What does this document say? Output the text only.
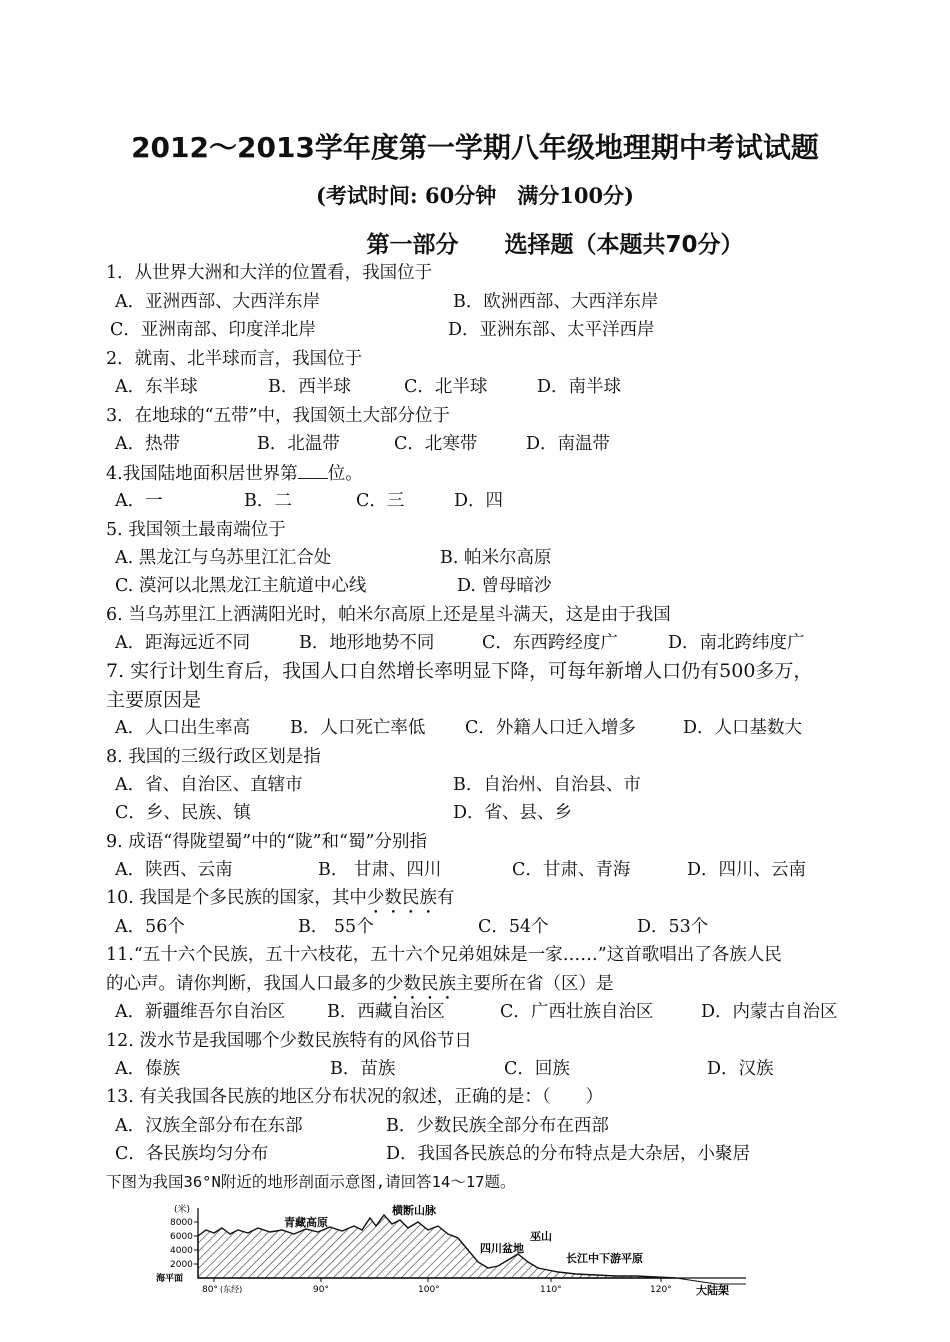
2012～2013学年度第一学期八年级地理期中考试试题
(考试时间: 60分钟　满分100分)
第一部分　　选择题（本题共70分）
1．从世界大洲和大洋的位置看，我国位于
A．亚洲西部、大西洋东岸	B．欧洲西部、大西洋东岸
C．亚洲南部、印度洋北岸	D．亚洲东部、太平洋西岸
2．就南、北半球而言，我国位于
A．东半球	B．西半球	C．北半球	D．南半球
3．在地球的“五带”中，我国领土大部分位于
A．热带	B．北温带	C．北寒带	D．南温带
4.我国陆地面积居世界第 位。
A．一	B．二	C．三	D．四
5. 我国领土最南端位于
A. 黑龙江与乌苏里江汇合处	B. 帕米尔高原
C. 漠河以北黑龙江主航道中心线	D. 曾母暗沙
6. 当乌苏里江上洒满阳光时，帕米尔高原上还是星斗满天，这是由于我国
A．距海远近不同	B．地形地势不同	C．东西跨经度广	D．南北跨纬度广
7. 实行计划生育后，我国人口自然增长率明显下降，可每年新增人口仍有500多万，
主要原因是
A．人口出生率高 B．人口死亡率低 C．外籍人口迁入增多	D．人口基数大
8. 我国的三级行政区划是指
A．省、自治区、直辖市	B．自治州、自治县、市
C．乡、民族、镇	D．省、县、乡
9. 成语“得陇望蜀”中的“陇”和“蜀”分别指
A．陕西、云南	B． 甘肃、四川	C．甘肃、青海	D．四川、云南
10. 我国是个多民族的国家，其中少数民族有
A．56个	B． 55个	C．54个	D．53个
11.“五十六个民族，五十六枝花，五十六个兄弟姐妹是一家……”这首歌唱出了各族人民
的心声。请你判断，我国人口最多的少数民族主要所在省（区）是
A．新疆维吾尔自治区 B．西藏自治区	C．广西壮族自治区	D．内蒙古自治区
12. 泼水节是我国哪个少数民族特有的风俗节日
A．傣族	B．苗族	C．回族	D．汉族
13. 有关我国各民族的地区分布状况的叙述，正确的是：（　　）
A．汉族全部分布在东部	B．少数民族全部分布在西部
C．各民族均匀分布	D．我国各民族总的分布特点是大杂居，小聚居
下图为我国36°N附近的地形剖面示意图,请回答14～17题。
(米)
8000
6000
4000
2000
海平面
80° (东经)	90°	100°	110°	120°
青藏高原
横断山脉
四川盆地
巫山
长江中下游平原
大陆架
